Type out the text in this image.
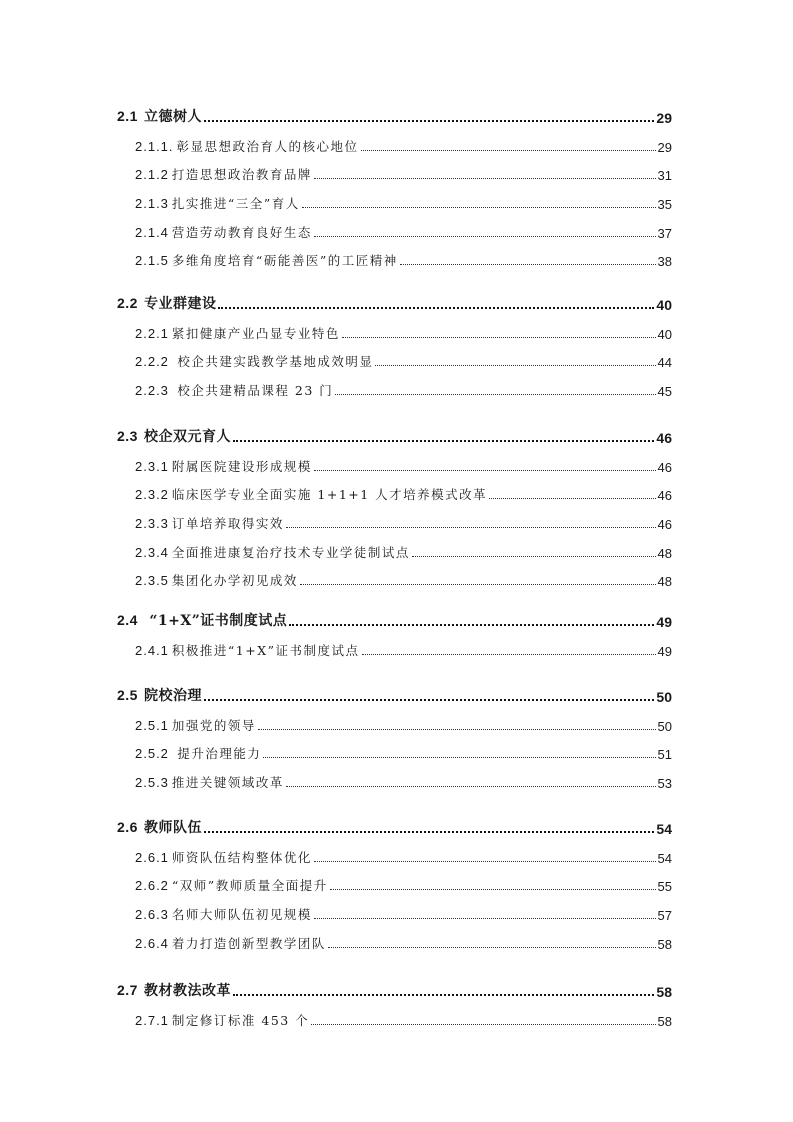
2.1 立德树人	29
2.1.1. 彰显思想政治育人的核心地位	29
2.1.2 打造思想政治教育品牌	31
2.1.3 扎实推进“三全”育人	35
2.1.4 营造劳动教育良好生态	37
2.1.5 多维角度培育“砺能善医”的工匠精神	38
2.2 专业群建设	40
2.2.1 紧扣健康产业凸显专业特色	40
2.2.2 校企共建实践教学基地成效明显	44
2.2.3 校企共建精品课程 23 门	45
2.3 校企双元育人	46
2.3.1 附属医院建设形成规模	46
2.3.2 临床医学专业全面实施 1+1+1 人才培养模式改革	46
2.3.3 订单培养取得实效	46
2.3.4 全面推进康复治疗技术专业学徒制试点	48
2.3.5 集团化办学初见成效	48
2.4 “1+X”证书制度试点	49
2.4.1 积极推进“1+X”证书制度试点	49
2.5 院校治理	50
2.5.1 加强党的领导	50
2.5.2 提升治理能力	51
2.5.3 推进关键领域改革	53
2.6 教师队伍	54
2.6.1 师资队伍结构整体优化	54
2.6.2 “双师”教师质量全面提升	55
2.6.3 名师大师队伍初见规模	57
2.6.4 着力打造创新型教学团队	58
2.7 教材教法改革	58
2.7.1 制定修订标准 453 个	58
